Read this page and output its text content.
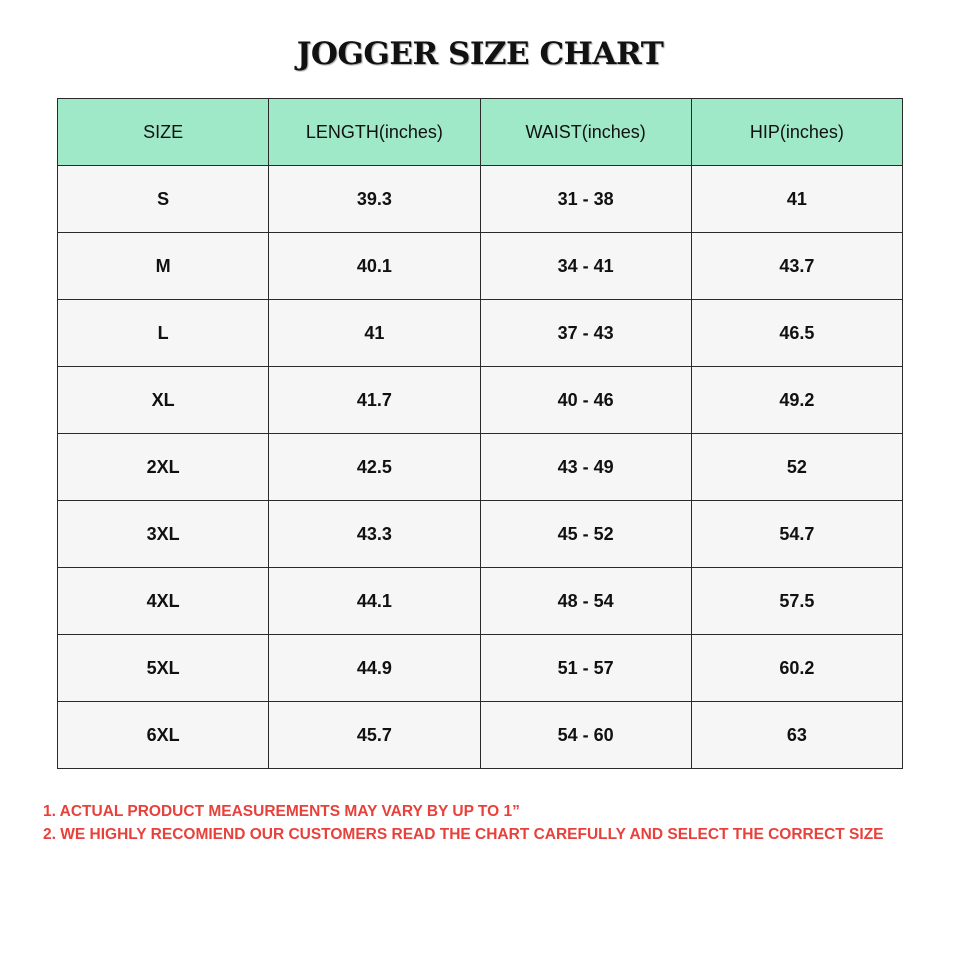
JOGGER SIZE CHART
SIZE	LENGTH(inches)	WAIST(inches)	HIP(inches)
S	39.3	31 - 38	41
M	40.1	34 - 41	43.7
L	41	37 - 43	46.5
XL	41.7	40 - 46	49.2
2XL	42.5	43 - 49	52
3XL	43.3	45 - 52	54.7
4XL	44.1	48 - 54	57.5
5XL	44.9	51 - 57	60.2
6XL	45.7	54 - 60	63
1. ACTUAL PRODUCT MEASUREMENTS MAY VARY BY UP TO 1”
2. WE HIGHLY RECOMIEND OUR CUSTOMERS READ THE CHART CAREFULLY AND SELECT THE CORRECT SIZE
